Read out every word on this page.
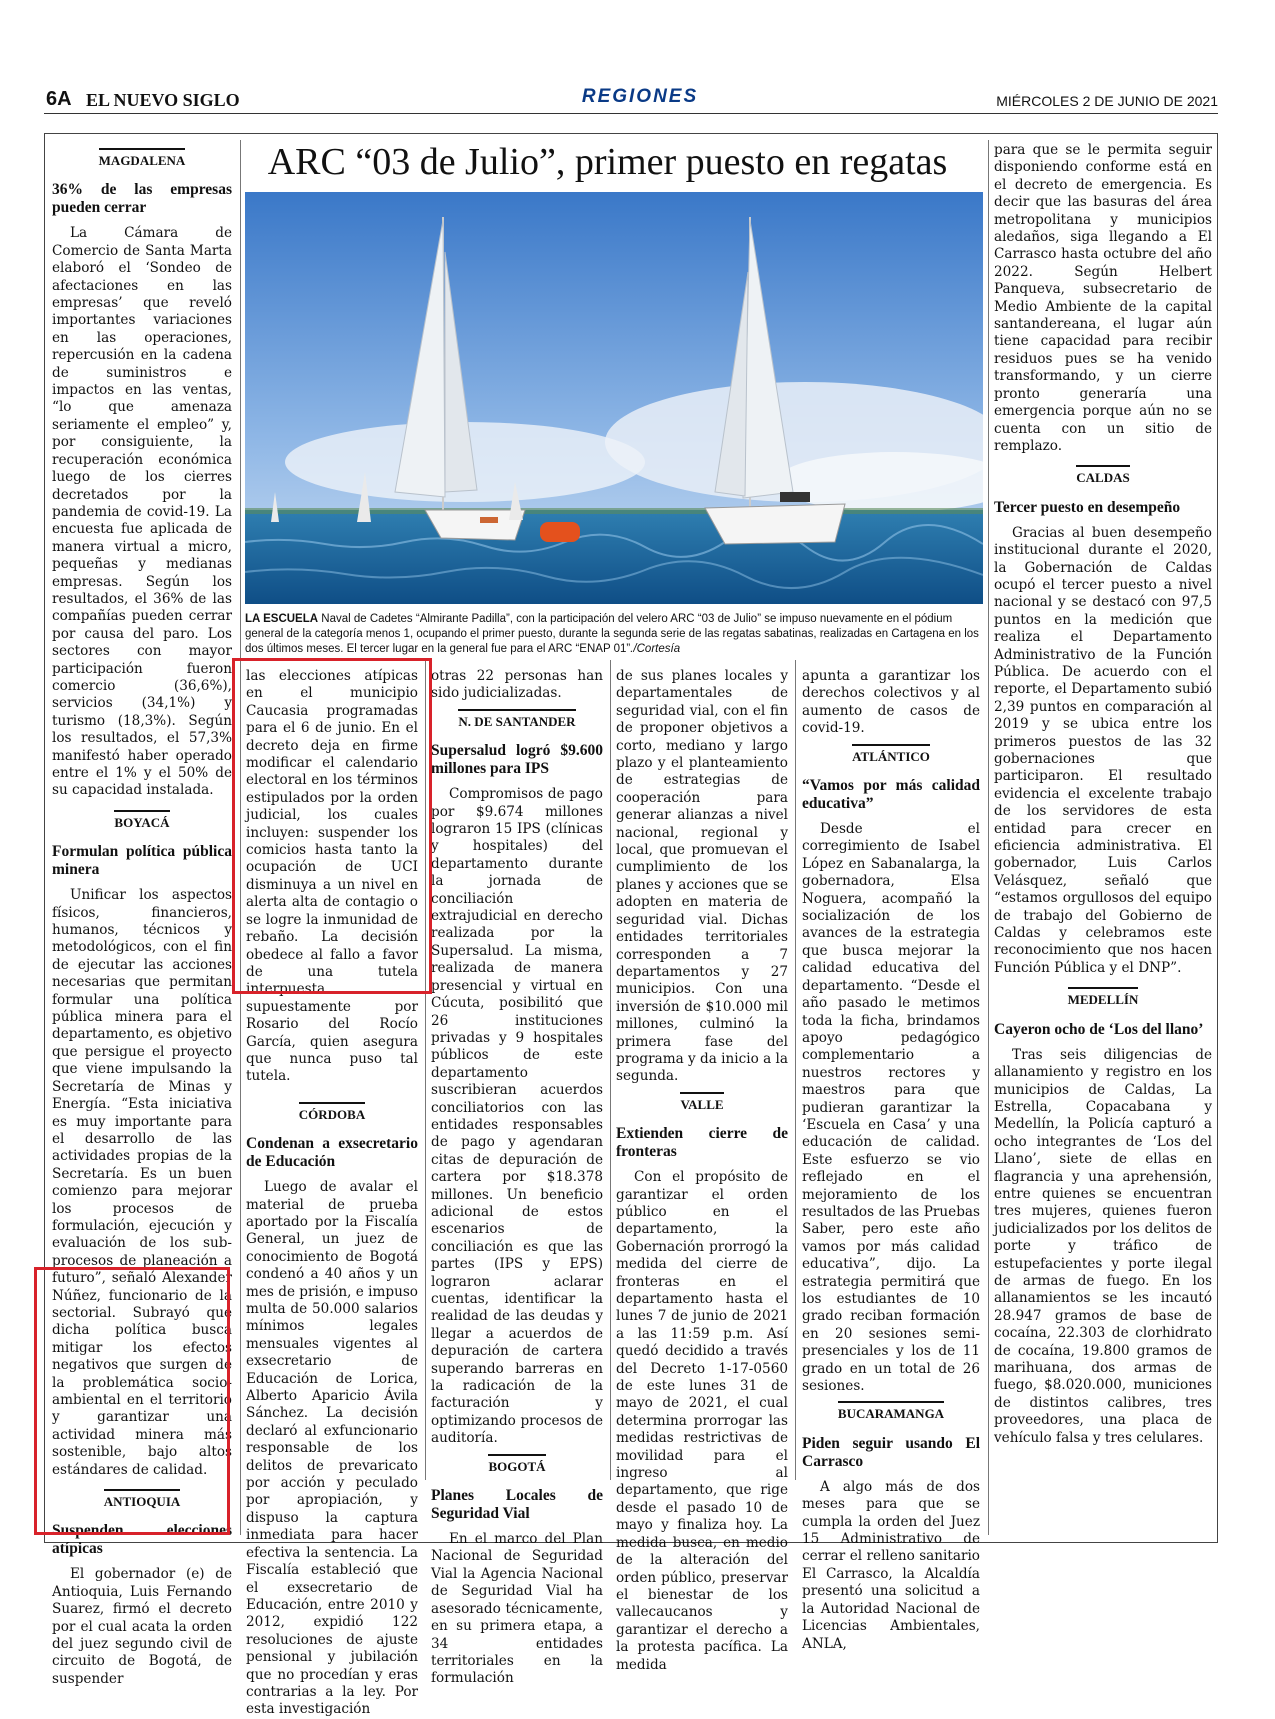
6A EL NUEVO SIGLO	REGIONES	MIÉRCOLES 2 DE JUNIO DE 2021
ARC “03 de Julio”, primer puesto en regatas
LA ESCUELA Naval de Cadetes “Almirante Padilla”, con la participación del velero ARC “03 de Julio” se impuso nuevamente en el pódium general de la categoría menos 1, ocupando el primer puesto, durante la segunda serie de las regatas sabatinas, realizadas en Cartagena en los dos últimos meses. El tercer lugar en la general fue para el ARC “ENAP 01”./Cortesía
MAGDALENA
36% de las empresas pueden cerrar

La Cámara de Comercio de Santa Marta elaboró el ‘Sondeo de afectaciones en las empresas’ que reveló importantes variaciones en las operaciones, repercusión en la cadena de suministros e impactos en las ventas, “lo que amenaza seriamente el empleo” y, por consiguiente, la recuperación económica luego de los cierres decretados por la pandemia de covid-19. La encuesta fue aplicada de manera virtual a micro, pequeñas y medianas empresas. Según los resultados, el 36% de las compañías pueden cerrar por causa del paro. Los sectores con mayor participación fueron comercio (36,6%), servicios (34,1%) y turismo (18,3%). Según los resultados, el 57,3% manifestó haber operado entre el 1% y el 50% de su capacidad instalada.

BOYACÁ
Formulan política pública minera

Unificar los aspectos físicos, financieros, humanos, técnicos y metodológicos, con el fin de ejecutar las acciones necesarias que permitan formular una política pública minera para el departamento, es objetivo que persigue el proyecto que viene impulsando la Secretaría de Minas y Energía. “Esta iniciativa es muy importante para el desarrollo de las actividades propias de la Secretaría. Es un buen comienzo para mejorar los procesos de formulación, ejecución y evaluación de los sub-procesos de planeación a futuro”, señaló Alexander Núñez, funcionario de la sectorial. Subrayó que dicha política busca mitigar los efectos negativos que surgen de la problemática socio-ambiental en el territorio y garantizar una actividad minera más sostenible, bajo altos estándares de calidad.

ANTIOQUIA
Suspenden elecciones atípicas

El gobernador (e) de Antioquia, Luis Fernando Suarez, firmó el decreto por el cual acata la orden del juez segundo civil de circuito de Bogotá, de suspender

las elecciones atípicas en el municipio Caucasia programadas para el 6 de junio. En el decreto deja en firme modificar el calendario electoral en los términos estipulados por la orden judicial, los cuales incluyen: suspender los comicios hasta tanto la ocupación de UCI disminuya a un nivel en alerta alta de contagio o se logre la inmunidad de rebaño. La decisión obedece al fallo a favor de una tutela interpuesta supuestamente por Rosario del Rocío García, quien asegura que nunca puso tal tutela.

CÓRDOBA
Condenan a exsecretario de Educación

Luego de avalar el material de prueba aportado por la Fiscalía General, un juez de conocimiento de Bogotá condenó a 40 años y un mes de prisión, e impuso multa de 50.000 salarios mínimos legales mensuales vigentes al exsecretario de Educación de Lorica, Alberto Aparicio Ávila Sánchez. La decisión declaró al exfuncionario responsable de los delitos de prevaricato por acción y peculado por apropiación, y dispuso la captura inmediata para hacer efectiva la sentencia. La Fiscalía estableció que el exsecretario de Educación, entre 2010 y 2012, expidió 122 resoluciones de ajuste pensional y jubilación que no procedían y eras contrarias a la ley. Por esta investigación

otras 22 personas han sido judicializadas.

N. DE SANTANDER
Supersalud logró $9.600 millones para IPS

Compromisos de pago por $9.674 millones lograron 15 IPS (clínicas y hospitales) del departamento durante la jornada de conciliación extrajudicial en derecho realizada por la Supersalud. La misma, realizada de manera presencial y virtual en Cúcuta, posibilitó que 26 instituciones privadas y 9 hospitales públicos de este departamento suscribieran acuerdos conciliatorios con las entidades responsables de pago y agendaran citas de depuración de cartera por $18.378 millones. Un beneficio adicional de estos escenarios de conciliación es que las partes (IPS y EPS) lograron aclarar cuentas, identificar la realidad de las deudas y llegar a acuerdos de depuración de cartera superando barreras en la radicación de la facturación y optimizando procesos de auditoría.

BOGOTÁ
Planes Locales de Seguridad Vial

En el marco del Plan Nacional de Seguridad Vial la Agencia Nacional de Seguridad Vial ha asesorado técnicamente, en su primera etapa, a 34 entidades territoriales en la formulación

de sus planes locales y departamentales de seguridad vial, con el fin de proponer objetivos a corto, mediano y largo plazo y el planteamiento de estrategias de cooperación para generar alianzas a nivel nacional, regional y local, que promuevan el cumplimiento de los planes y acciones que se adopten en materia de seguridad vial. Dichas entidades territoriales corresponden a 7 departamentos y 27 municipios. Con una inversión de $10.000 mil millones, culminó la primera fase del programa y da inicio a la segunda.

VALLE
Extienden cierre de fronteras

Con el propósito de garantizar el orden público en el departamento, la Gobernación prorrogó la medida del cierre de fronteras en el departamento hasta el lunes 7 de junio de 2021 a las 11:59 p.m. Así quedó decidido a través del Decreto 1-17-0560 de este lunes 31 de mayo de 2021, el cual determina prorrogar las medidas restrictivas de movilidad para el ingreso al departamento, que rige desde el pasado 10 de mayo y finaliza hoy. La medida busca, en medio de la alteración del orden público, preservar el bienestar de los vallecaucanos y garantizar el derecho a la protesta pacífica. La medida

apunta a garantizar los derechos colectivos y al aumento de casos de covid-19.

ATLÁNTICO
“Vamos por más calidad educativa”

Desde el corregimiento de Isabel López en Sabanalarga, la gobernadora, Elsa Noguera, acompañó la socialización de los avances de la estrategia que busca mejorar la calidad educativa del departamento. “Desde el año pasado le metimos toda la ficha, brindamos apoyo pedagógico complementario a nuestros rectores y maestros para que pudieran garantizar la ‘Escuela en Casa’ y una educación de calidad. Este esfuerzo se vio reflejado en el mejoramiento de los resultados de las Pruebas Saber, pero este año vamos por más calidad educativa”, dijo. La estrategia permitirá que los estudiantes de 10 grado reciban formación en 20 sesiones semi-presenciales y los de 11 grado en un total de 26 sesiones.

BUCARAMANGA
Piden seguir usando El Carrasco

A algo más de dos meses para que se cumpla la orden del Juez 15 Administrativo de cerrar el relleno sanitario El Carrasco, la Alcaldía presentó una solicitud a la Autoridad Nacional de Licencias Ambientales, ANLA,

para que se le permita seguir disponiendo conforme está en el decreto de emergencia. Es decir que las basuras del área metropolitana y municipios aledaños, siga llegando a El Carrasco hasta octubre del año 2022. Según Helbert Panqueva, subsecretario de Medio Ambiente de la capital santandereana, el lugar aún tiene capacidad para recibir residuos pues se ha venido transformando, y un cierre pronto generaría una emergencia porque aún no se cuenta con un sitio de remplazo.

CALDAS
Tercer puesto en desempeño

Gracias al buen desempeño institucional durante el 2020, la Gobernación de Caldas ocupó el tercer puesto a nivel nacional y se destacó con 97,5 puntos en la medición que realiza el Departamento Administrativo de la Función Pública. De acuerdo con el reporte, el Departamento subió 2,39 puntos en comparación al 2019 y se ubica entre los primeros puestos de las 32 gobernaciones que participaron. El resultado evidencia el excelente trabajo de los servidores de esta entidad para crecer en eficiencia administrativa. El gobernador, Luis Carlos Velásquez, señaló que “estamos orgullosos del equipo de trabajo del Gobierno de Caldas y celebramos este reconocimiento que nos hacen Función Pública y el DNP”.

MEDELLÍN
Cayeron ocho de ‘Los del llano’

Tras seis diligencias de allanamiento y registro en los municipios de Caldas, La Estrella, Copacabana y Medellín, la Policía capturó a ocho integrantes de ‘Los del Llano’, siete de ellas en flagrancia y una aprehensión, entre quienes se encuentran tres mujeres, quienes fueron judicializados por los delitos de porte y tráfico de estupefacientes y porte ilegal de armas de fuego. En los allanamientos se les incautó 28.947 gramos de base de cocaína, 22.303 de clorhidrato de cocaína, 19.800 gramos de marihuana, dos armas de fuego, $8.020.000, municiones de distintos calibres, tres proveedores, una placa de vehículo falsa y tres celulares.
